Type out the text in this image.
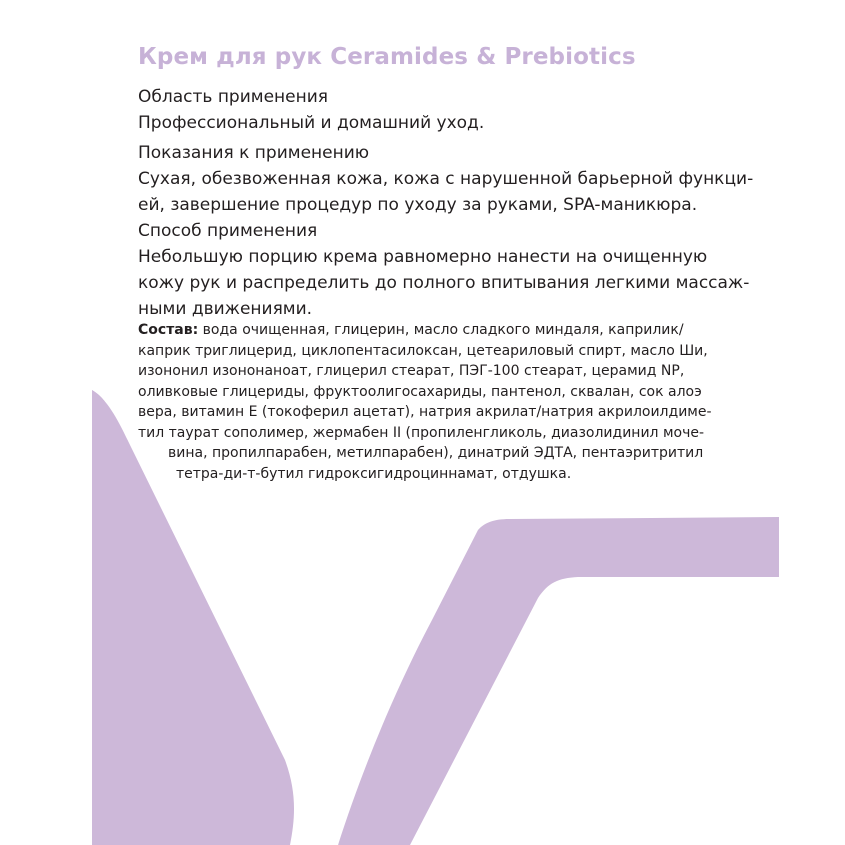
Крем для рук Ceramides & Prebiotics
Область применения
Профессиональный и домашний уход.
Показания к применению
Сухая, обезвоженная кожа, кожа с нарушенной барьерной функци-
ей, завершение процедур по уходу за руками, SPA-маникюра.
Способ применения
Небольшую порцию крема равномерно нанести на очищенную
кожу рук и распределить до полного впитывания легкими массаж-
ными движениями.
Состав: вода очищенная, глицерин, масло сладкого миндаля, каприлик/
каприк триглицерид, циклопентасилоксан, цетеариловый спирт, масло Ши,
изононил изононаноат, глицерил стеарат, ПЭГ-100 стеарат, церамид NP,
оливковые глицериды, фруктоолигосахариды, пантенол, сквалан, сок алоэ
вера, витамин Е (токоферил ацетат), натрия акрилат/натрия акрилоилдиме-
тил таурат сополимер, жермабен II (пропиленгликоль, диазолидинил моче-
вина, пропилпарабен, метилпарабен), динатрий ЭДТА, пентаэритритил
тетра-ди-т-бутил гидроксигидроциннамат, отдушка.
